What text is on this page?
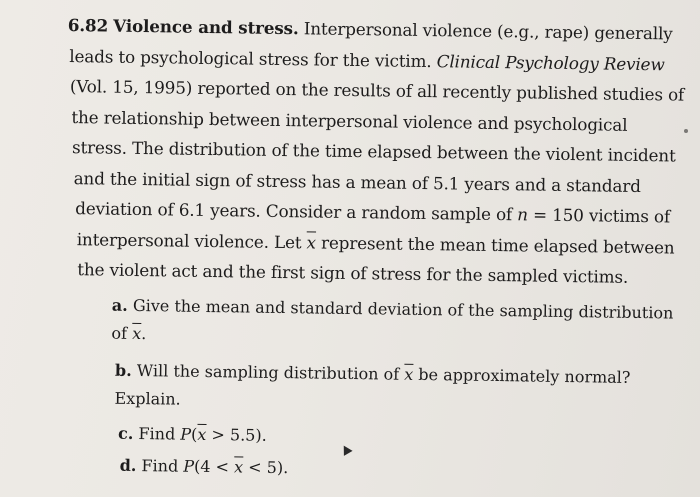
6.82 Violence and stress. Interpersonal violence (e.g., rape) generally
leads to psychological stress for the victim. Clinical Psychology Review
(Vol. 15, 1995) reported on the results of all recently published studies of
the relationship between interpersonal violence and psychological
stress. The distribution of the time elapsed between the violent incident
and the initial sign of stress has a mean of 5.1 years and a standard
deviation of 6.1 years. Consider a random sample of n = 150 victims of
interpersonal violence. Let $\overline{x}$ represent the mean time elapsed between
the violent act and the first sign of stress for the sampled victims.
a. Give the mean and standard deviation of the sampling distribution
of $\overline{x}$.
b. Will the sampling distribution of $\overline{x}$ be approximately normal?
Explain.
c. Find $P(\overline{x} > 5.5)$.
d. Find $P(4 < \overline{x} < 5)$.
